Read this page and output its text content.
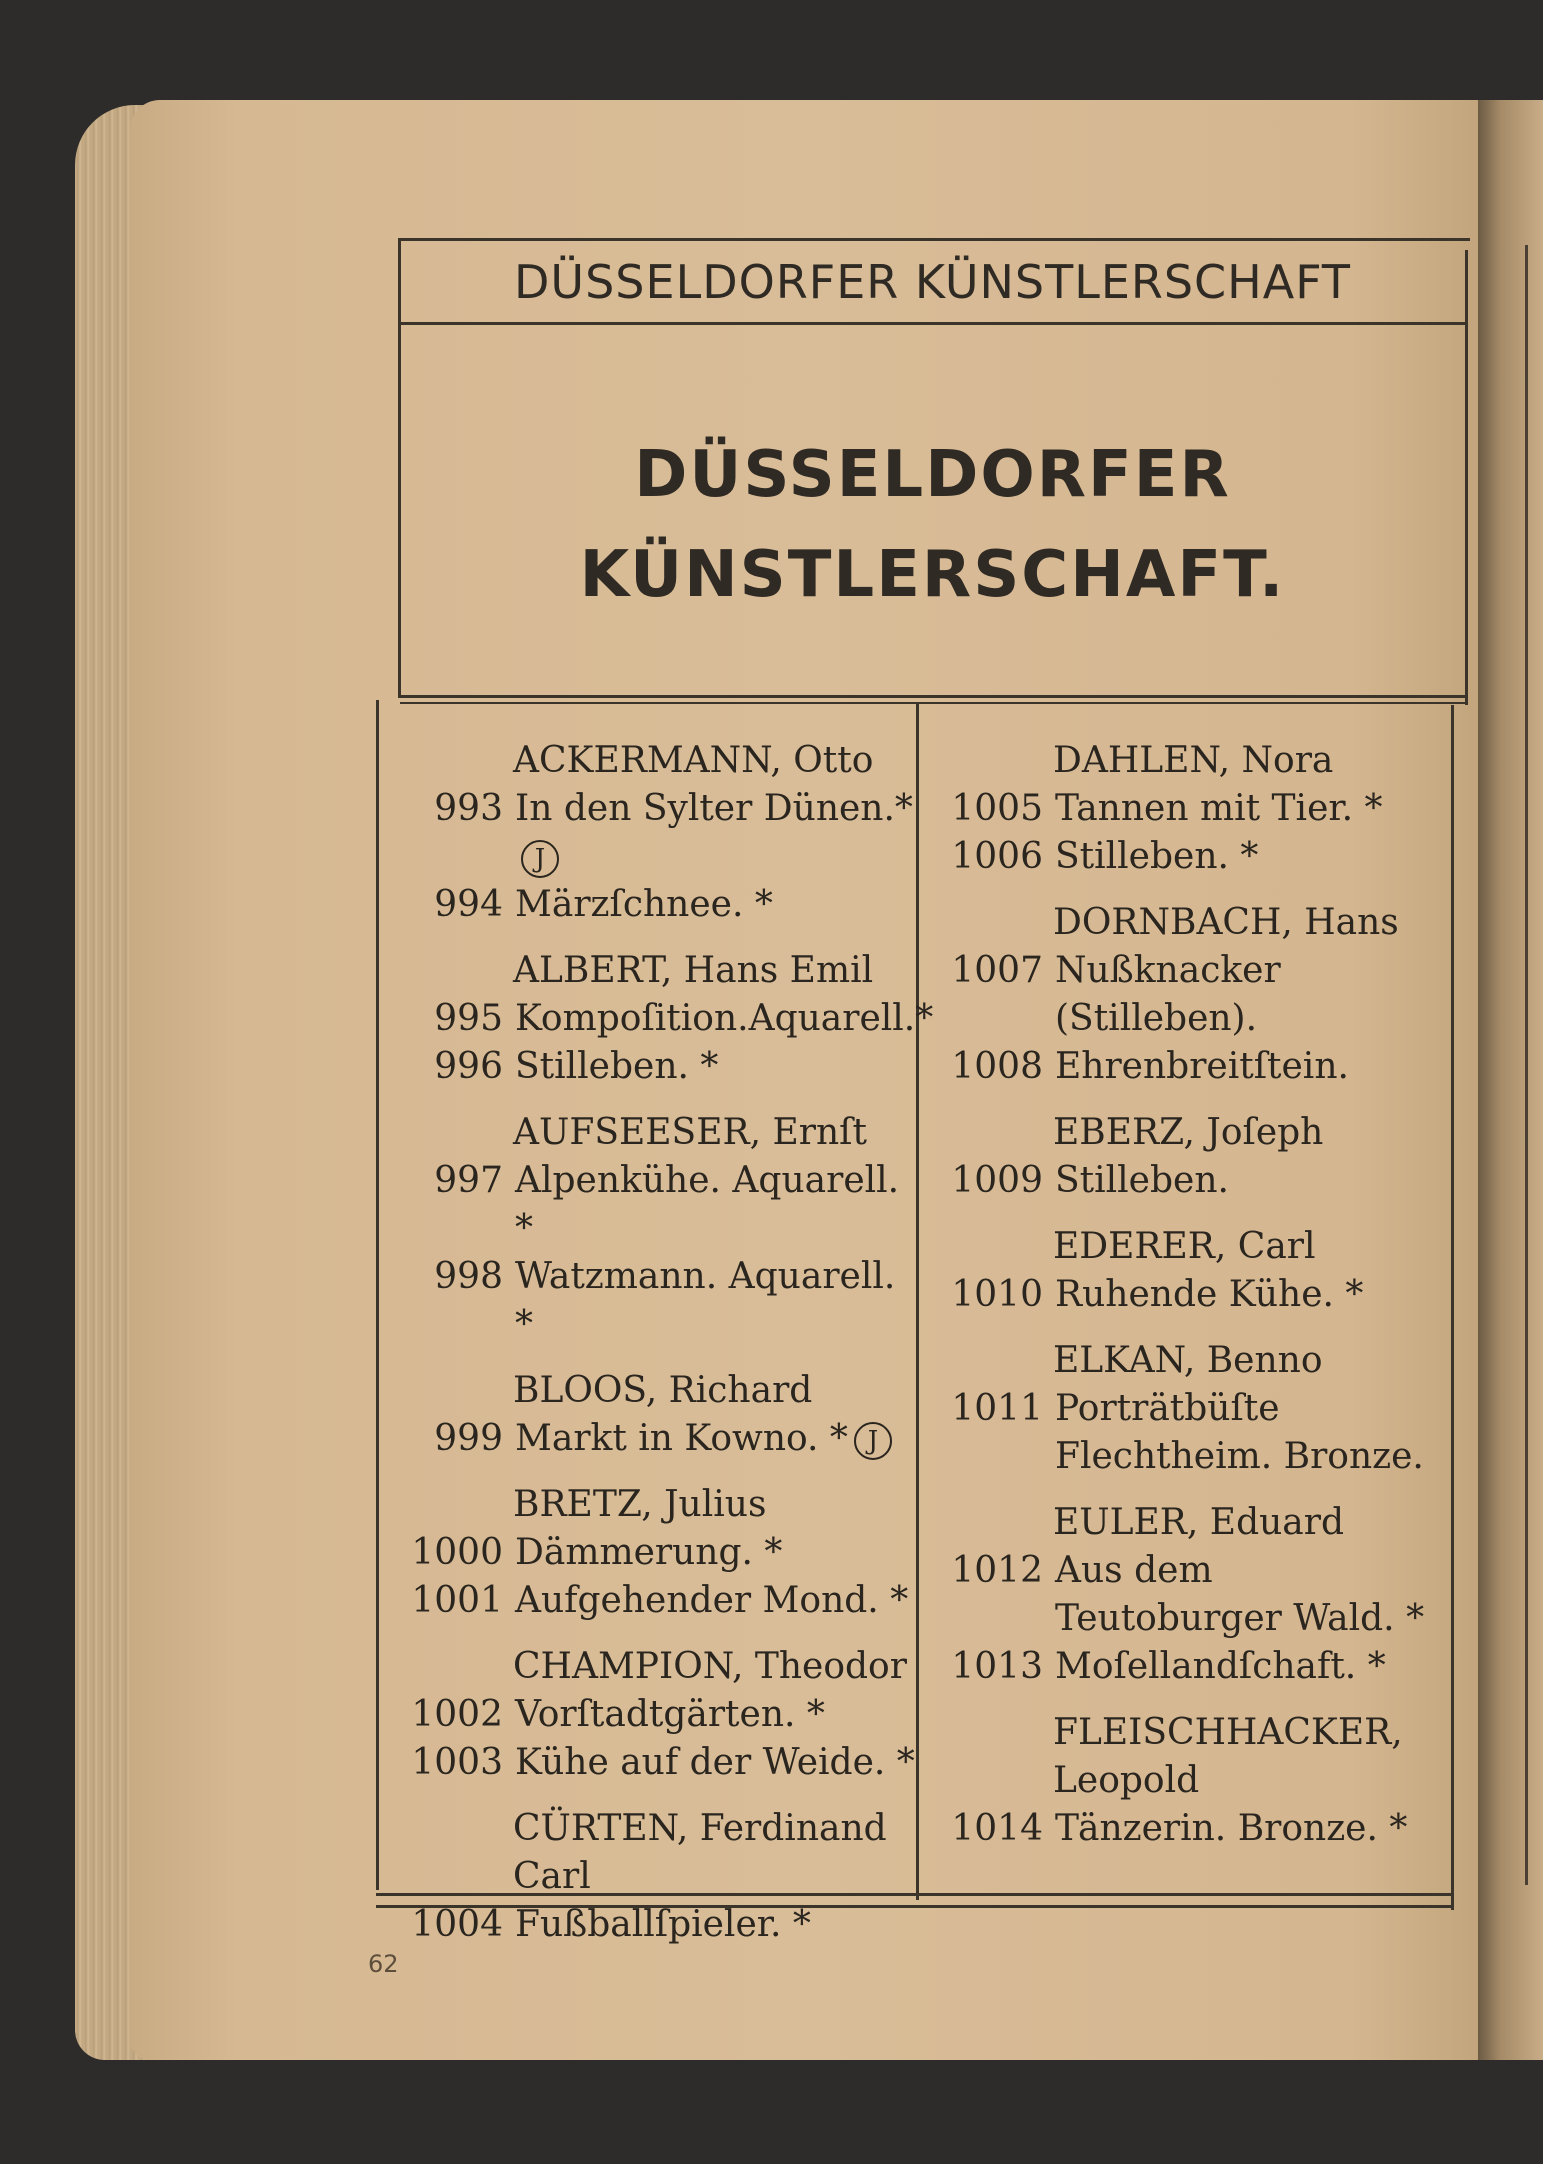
DÜSSELDORFER KÜNSTLERSCHAFT
DÜSSELDORFER
KÜNSTLERSCHAFT.
ACKERMANN, Otto
993 In den Sylter Dünen.*J
994 Märzſchnee. *
ALBERT, Hans Emil
995 Kompoſition.Aquarell.*
996 Stilleben. *
AUFSEESER, Ernſt
997 Alpenkühe. Aquarell. *
998 Watzmann. Aquarell. *
BLOOS, Richard
999 Markt in Kowno. * J
BRETZ, Julius
1000 Dämmerung. *
1001 Aufgehender Mond. *
CHAMPION, Theodor
1002 Vorſtadtgärten. *
1003 Kühe auf der Weide. *
CÜRTEN, Ferdinand Carl
1004 Fußballſpieler. *
DAHLEN, Nora
1005 Tannen mit Tier. *
1006 Stilleben. *
DORNBACH, Hans
1007 Nußknacker (Stilleben).
1008 Ehrenbreitſtein.
EBERZ, Joſeph
1009 Stilleben.
EDERER, Carl
1010 Ruhende Kühe. *
ELKAN, Benno
1011 Porträtbüſte Flechtheim. Bronze.
EULER, Eduard
1012 Aus dem Teutoburger Wald. *
1013 Moſellandſchaft. *
FLEISCHHACKER, Leopold
1014 Tänzerin. Bronze. *
62
